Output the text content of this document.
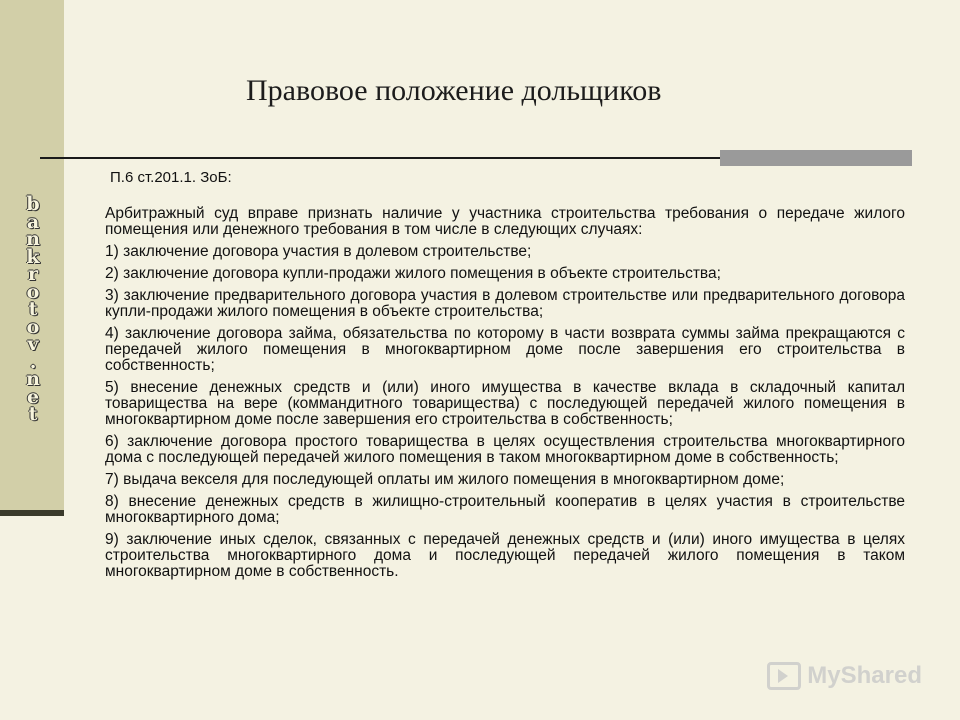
b
a
n
k
r
o
t
o
v
.
n
e
t
Правовое положение дольщиков
П.6 ст.201.1. ЗоБ:
Арбитражный суд вправе признать наличие у участника строительства требования о передаче жилого помещения или денежного требования в том числе в следующих случаях:
1) заключение договора участия в долевом строительстве;
2) заключение договора купли-продажи жилого помещения в объекте строительства;
3) заключение предварительного договора участия в долевом строительстве или предварительного договора купли-продажи жилого помещения в объекте строительства;
4) заключение договора займа, обязательства по которому в части возврата суммы займа прекращаются с передачей жилого помещения в многоквартирном доме после завершения его строительства в собственность;
5) внесение денежных средств и (или) иного имущества в качестве вклада в складочный капитал товарищества на вере (коммандитного товарищества) с последующей передачей жилого помещения в многоквартирном доме после завершения его строительства в собственность;
6) заключение договора простого товарищества в целях осуществления строительства многоквартирного дома с последующей передачей жилого помещения в таком многоквартирном доме в собственность;
7) выдача векселя для последующей оплаты им жилого помещения в многоквартирном доме;
8) внесение денежных средств в жилищно-строительный кооператив в целях участия в строительстве многоквартирного дома;
9) заключение иных сделок, связанных с передачей денежных средств и (или) иного имущества в целях строительства многоквартирного дома и последующей передачей жилого помещения в таком многоквартирном доме в собственность.
MyShared
